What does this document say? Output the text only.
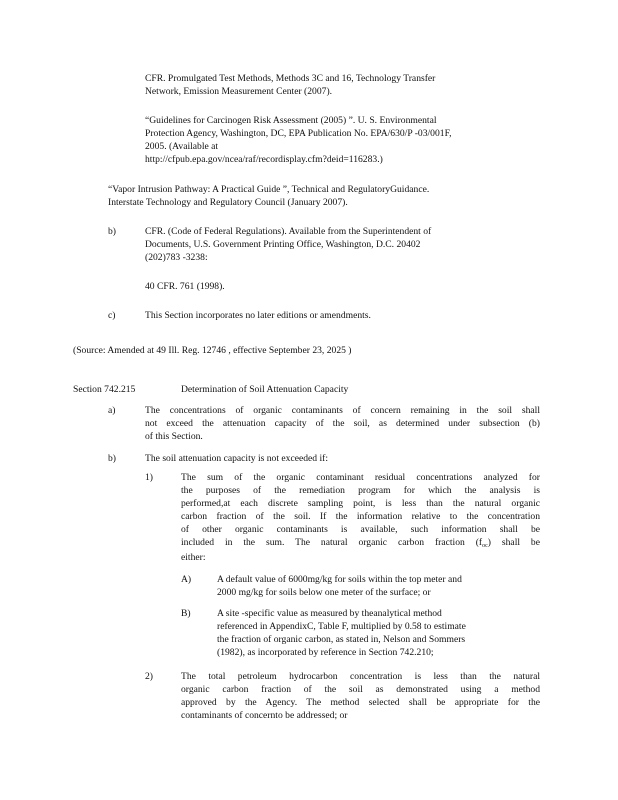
CFR. Promulgated Test Methods, Methods 3C and 16, Technology Transfer
Network, Emission Measurement Center (2007).
“Guidelines for Carcinogen Risk Assessment (2005) ”. U. S. Environmental
Protection Agency, Washington, DC, EPA Publication No. EPA/630/P -03/001F,
2005. (Available at
http://cfpub.epa.gov/ncea/raf/recordisplay.cfm?deid=116283.)
“Vapor Intrusion Pathway: A Practical Guide ”, Technical and RegulatoryGuidance.
Interstate Technology and Regulatory Council (January 2007).
b)	CFR. (Code of Federal Regulations). Available from the Superintendent of
Documents, U.S. Government Printing Office, Washington, D.C. 20402
(202)783 -3238:
40 CFR. 761 (1998).
c)	This Section incorporates no later editions or amendments.
(Source: Amended at 49 Ill. Reg. 12746 , effective September 23, 2025 )
Section 742.215	Determination of Soil Attenuation Capacity
a)	The concentrations of organic contaminants of concern remaining in the soil shall
not exceed the attenuation capacity of the soil, as determined under subsection (b)
of this Section.
b)	The soil attenuation capacity is not exceeded if:
1)	The sum of the organic contaminant residual concentrations analyzed for
the purposes of the remediation program for which the analysis is
performed,at each discrete sampling point, is less than the natural organic
carbon fraction of the soil. If the information relative to the concentration
of other organic contaminants is available, such information shall be
included in the sum. The natural organic carbon fraction $(f_{oc})$ shall be
either:
A)	A default value of 6000mg/kg for soils within the top meter and
2000 mg/kg for soils below one meter of the surface; or
B)	A site -specific value as measured by theanalytical method
referenced in AppendixC, Table F, multiplied by 0.58 to estimate
the fraction of organic carbon, as stated in, Nelson and Sommers
(1982), as incorporated by reference in Section 742.210;
2)	The total petroleum hydrocarbon concentration is less than the natural
organic carbon fraction of the soil as demonstrated using a method
approved by the Agency. The method selected shall be appropriate for the
contaminants of concernto be addressed; or
